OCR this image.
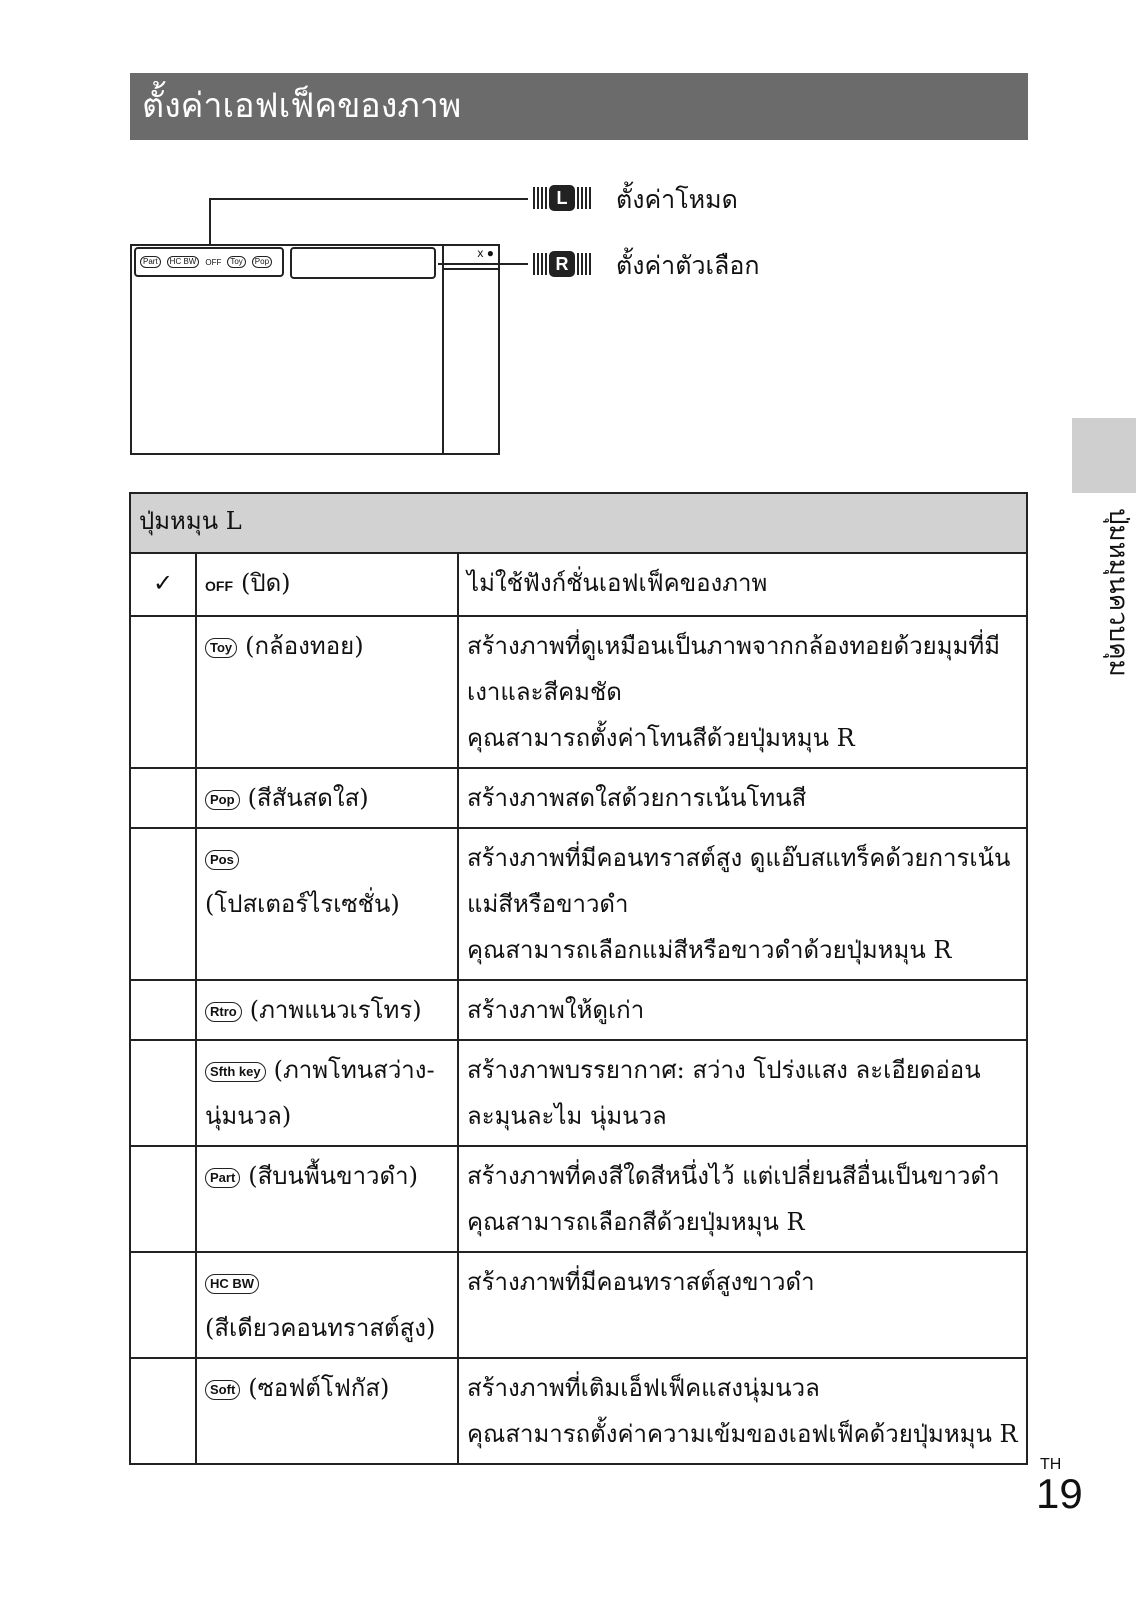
ตั้งค่าเอฟเฟ็คของภาพ
Part	HC BW	OFF	Toy	Pop
x ●
L	ตั้งค่าโหมด
R ตั้งค่าตัวเลือก
ปุ่มหมุนควบคุม
ปุ่มหมุน L		
✓	OFF (ปิด)	ไม่ใช้ฟังก์ชั่นเอฟเฟ็คของภาพ

	Toy (กล้องทอย)	สร้างภาพที่ดูเหมือนเป็นภาพจากกล้องทอยด้วยมุมที่มีเงาและสีคมชัด
คุณสามารถตั้งค่าโทนสีด้วยปุ่มหมุน R

	Pop (สีสันสดใส)	สร้างภาพสดใสด้วยการเน้นโทนสี

	Pos
(โปสเตอร์ไรเซชั่น)	สร้างภาพที่มีคอนทราสต์สูง ดูแอ๊บสแทร็คด้วยการเน้นแม่สีหรือขาวดำ
คุณสามารถเลือกแม่สีหรือขาวดำด้วยปุ่มหมุน R

	Rtro (ภาพแนวเรโทร)	สร้างภาพให้ดูเก่า

	Sfth key (ภาพโทนสว่าง-นุ่มนวล)	สร้างภาพบรรยากาศ: สว่าง โปร่งแสง ละเอียดอ่อน ละมุนละไม นุ่มนวล

	Part (สีบนพื้นขาวดำ)	สร้างภาพที่คงสีใดสีหนึ่งไว้ แต่เปลี่ยนสีอื่นเป็นขาวดำ
คุณสามารถเลือกสีด้วยปุ่มหมุน R

	HC BW
(สีเดียวคอนทราสต์สูง)	สร้างภาพที่มีคอนทราสต์สูงขาวดำ

	Soft (ซอฟต์โฟกัส)	สร้างภาพที่เติมเอ็ฟเฟ็คแสงนุ่มนวล
คุณสามารถตั้งค่าความเข้มของเอฟเฟ็คด้วยปุ่มหมุน R
TH
19
